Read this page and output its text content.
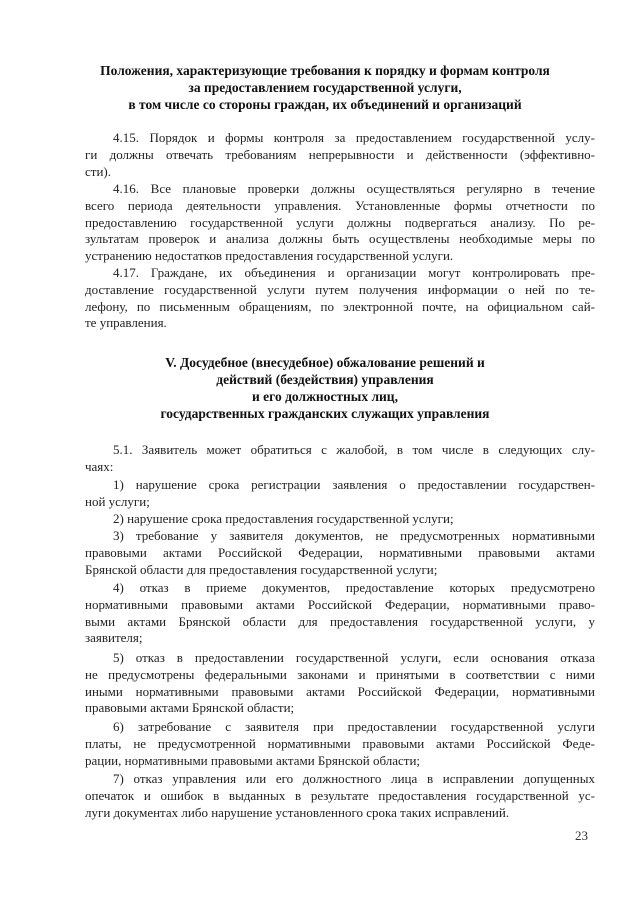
Положения, характеризующие требования к порядку и формам контроля
за предоставлением государственной услуги,
в том числе со стороны граждан, их объединений и организаций
4.15. Порядок и формы контроля за предоставлением государственной услу-
ги должны отвечать требованиям непрерывности и действенности (эффективно-
сти).
4.16. Все плановые проверки должны осуществляться регулярно в течение
всего периода деятельности управления. Установленные формы отчетности по
предоставлению государственной услуги должны подвергаться анализу. По ре-
зультатам проверок и анализа должны быть осуществлены необходимые меры по
устранению недостатков предоставления государственной услуги.
4.17. Граждане, их объединения и организации могут контролировать пре-
доставление государственной услуги путем получения информации о ней по те-
лефону, по письменным обращениям, по электронной почте, на официальном сай-
те управления.
V. Досудебное (внесудебное) обжалование решений и
действий (бездействия) управления
и его должностных лиц,
государственных гражданских служащих управления
5.1. Заявитель может обратиться с жалобой, в том числе в следующих слу-
чаях:
1) нарушение срока регистрации заявления о предоставлении государствен-
ной услуги;
2) нарушение срока предоставления государственной услуги;
3) требование у заявителя документов, не предусмотренных нормативными
правовыми актами Российской Федерации, нормативными правовыми актами
Брянской области для предоставления государственной услуги;
4) отказ в приеме документов, предоставление которых предусмотрено
нормативными правовыми актами Российской Федерации, нормативными право-
выми актами Брянской области для предоставления государственной услуги, у
заявителя;
5) отказ в предоставлении государственной услуги, если основания отказа
не предусмотрены федеральными законами и принятыми в соответствии с ними
иными нормативными правовыми актами Российской Федерации, нормативными
правовыми актами Брянской области;
6) затребование с заявителя при предоставлении государственной услуги
платы, не предусмотренной нормативными правовыми актами Российской Феде-
рации, нормативными правовыми актами Брянской области;
7) отказ управления или его должностного лица в исправлении допущенных
опечаток и ошибок в выданных в результате предоставления государственной ус-
луги документах либо нарушение установленного срока таких исправлений.
23
